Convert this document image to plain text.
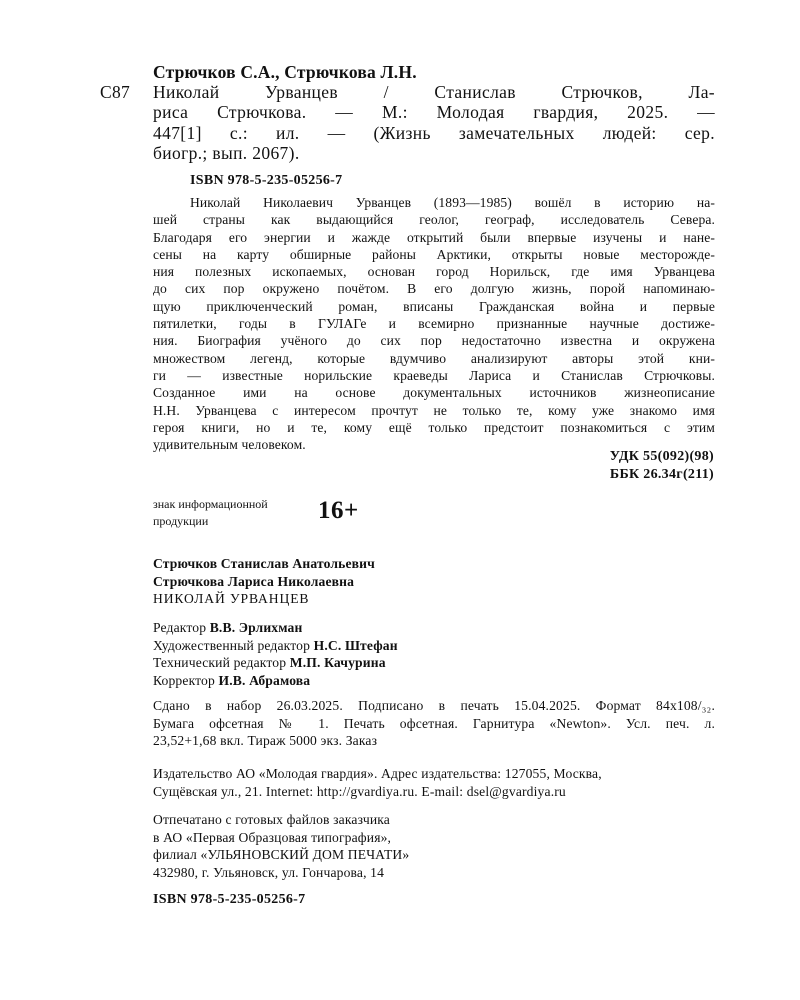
Стрючков С.А., Стрючкова Л.Н.
С87 Николай Урванцев / Станислав Стрючков, Ла-
риса Стрючкова. — М.: Молодая гвардия, 2025. —
447[1] с.: ил. — (Жизнь замечательных людей: сер.
биогр.; вып. 2067).
ISBN 978-5-235-05256-7
Николай Николаевич Урванцев (1893—1985) вошёл в историю на-
шей страны как выдающийся геолог, географ, исследователь Севера.
Благодаря его энергии и жажде открытий были впервые изучены и нане-
сены на карту обширные районы Арктики, открыты новые месторожде-
ния полезных ископаемых, основан город Норильск, где имя Урванцева
до сих пор окружено почётом. В его долгую жизнь, порой напоминаю-
щую приключенческий роман, вписаны Гражданская война и первые
пятилетки, годы в ГУЛАГе и всемирно признанные научные достиже-
ния. Биография учёного до сих пор недостаточно известна и окружена
множеством легенд, которые вдумчиво анализируют авторы этой кни-
ги — известные норильские краеведы Лариса и Станислав Стрючковы.
Созданное ими на основе документальных источников жизнеописание
Н.Н. Урванцева с интересом прочтут не только те, кому уже знакомо имя
героя книги, но и те, кому ещё только предстоит познакомиться с этим
удивительным человеком.
УДК 55(092)(98)
ББК 26.34г(211)
знак информационной
продукции	16+
Стрючков Станислав Анатольевич
Стрючкова Лариса Николаевна
НИКОЛАЙ УРВАНЦЕВ
Редактор В.В. Эрлихман
Художественный редактор Н.С. Штефан
Технический редактор М.П. Качурина
Корректор И.В. Абрамова
Сдано в набор 26.03.2025. Подписано в печать 15.04.2025. Формат 84х108/₃₂.
Бумага офсетная № 1. Печать офсетная. Гарнитура «Newton». Усл. печ. л.
23,52+1,68 вкл. Тираж 5000 экз. Заказ
Издательство АО «Молодая гвардия». Адрес издательства: 127055, Москва,
Сущёвская ул., 21. Internet: http://gvardiya.ru. E-mail: dsel@gvardiya.ru
Отпечатано с готовых файлов заказчика
в АО «Первая Образцовая типография»,
филиал «УЛЬЯНОВСКИЙ ДОМ ПЕЧАТИ»
432980, г. Ульяновск, ул. Гончарова, 14
ISBN 978-5-235-05256-7
